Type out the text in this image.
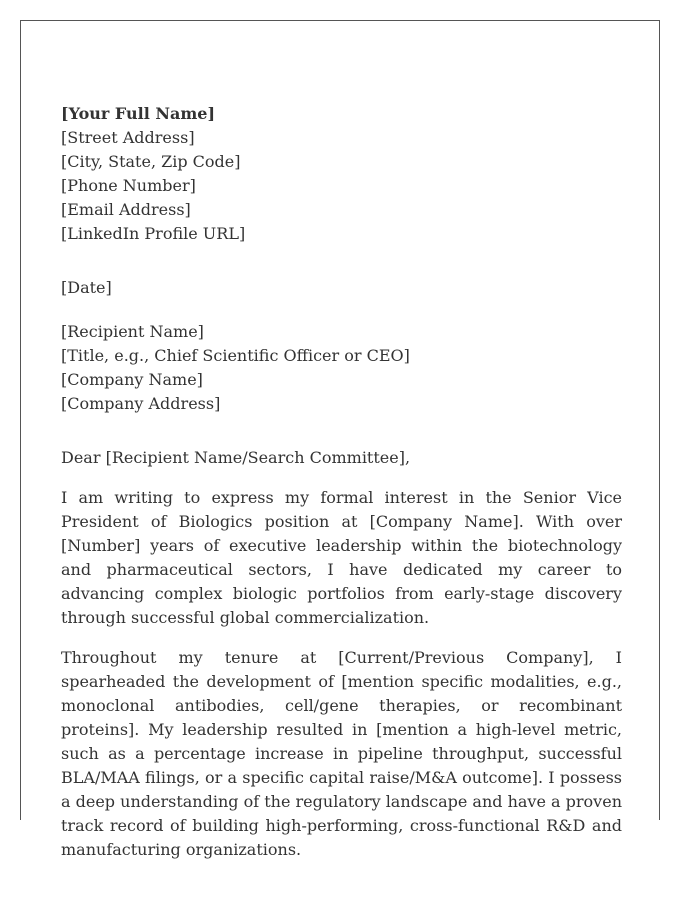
[Your Full Name]
[Street Address]
[City, State, Zip Code]
[Phone Number]
[Email Address]
[LinkedIn Profile URL]
[Date]
[Recipient Name]
[Title, e.g., Chief Scientific Officer or CEO]
[Company Name]
[Company Address]
Dear [Recipient Name/Search Committee],

I am writing to express my formal interest in the Senior Vice President of Biologics position at [Company Name]. With over [Number] years of executive leadership within the biotechnology and pharmaceutical sectors, I have dedicated my career to advancing complex biologic portfolios from early-stage discovery through successful global commercialization.

Throughout my tenure at [Current/Previous Company], I spearheaded the development of [mention specific modalities, e.g., monoclonal antibodies, cell/gene therapies, or recombinant proteins]. My leadership resulted in [mention a high-level metric, such as a percentage increase in pipeline throughput, successful BLA/MAA filings, or a specific capital raise/M&A outcome]. I possess a deep understanding of the regulatory landscape and have a proven track record of building high-performing, cross-functional R&D and manufacturing organizations.
